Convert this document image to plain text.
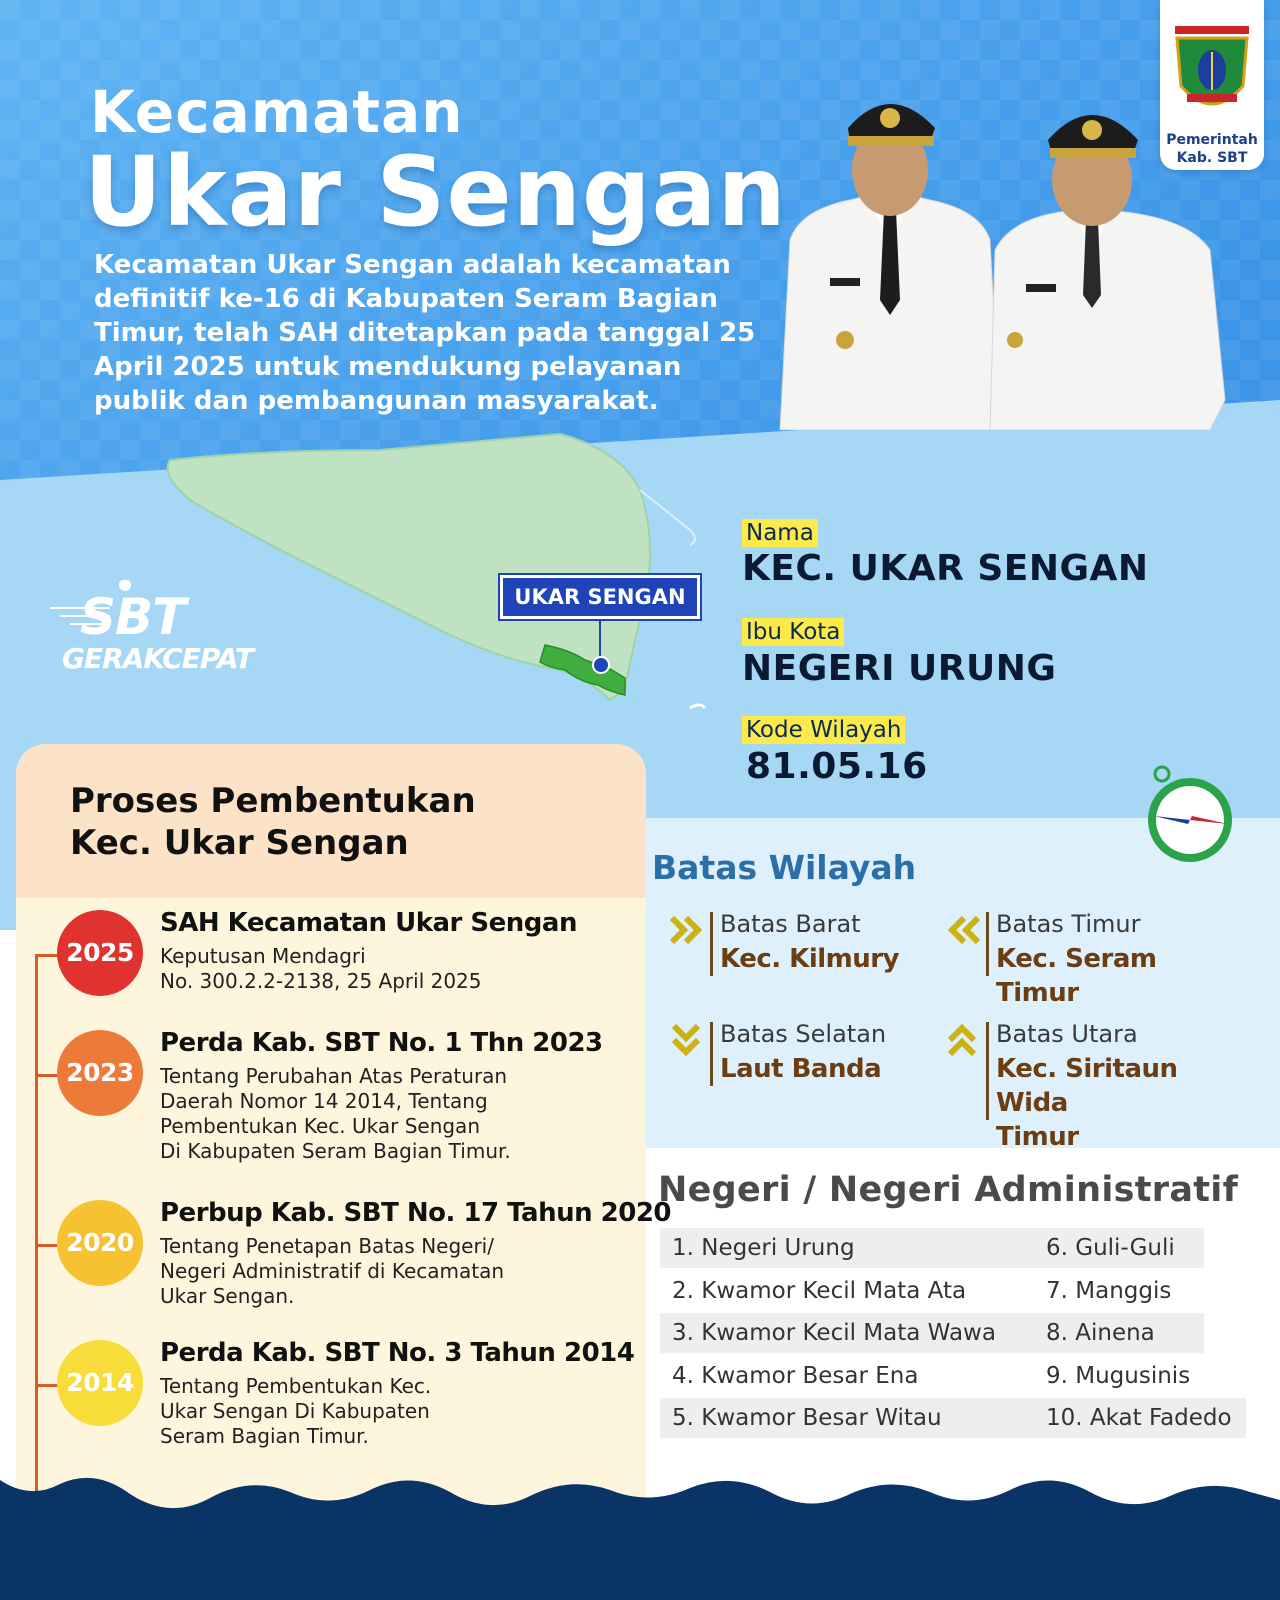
Kecamatan
Ukar Sengan
Kecamatan Ukar Sengan adalah kecamatan definitif ke-16 di Kabupaten Seram Bagian Timur, telah SAH ditetapkan pada tanggal 25 April 2025 untuk mendukung pelayanan publik dan pembangunan masyarakat.
Pemerintah
Kab. SBT
UKAR SENGAN
SBT
GERAKCEPAT
Nama
KEC. UKAR SENGAN
Ibu Kota
NEGERI URUNG
Kode Wilayah
81.05.16
Proses Pembentukan
Kec. Ukar Sengan
2025
SAH Kecamatan Ukar Sengan
Keputusan Mendagri
No. 300.2.2-2138, 25 April 2025
2023
Perda Kab. SBT No. 1 Thn 2023
Tentang Perubahan Atas Peraturan
Daerah Nomor 14 2014, Tentang
Pembentukan Kec. Ukar Sengan
Di Kabupaten Seram Bagian Timur.
2020
Perbup Kab. SBT No. 17 Tahun 2020
Tentang Penetapan Batas Negeri/
Negeri Administratif di Kecamatan
Ukar Sengan.
2014
Perda Kab. SBT No. 3 Tahun 2014
Tentang Pembentukan Kec.
Ukar Sengan Di Kabupaten
Seram Bagian Timur.
Batas Wilayah
Batas Barat
Kec. Kilmury
Batas Timur
Kec. Seram Timur
Batas Selatan
Laut Banda
Batas Utara
Kec. Siritaun Wida
Timur
Negeri / Negeri Administratif
1. Negeri Urung	6. Guli-Guli
2. Kwamor Kecil Mata Ata	7. Manggis
3. Kwamor Kecil Mata Wawa 8. Ainena
4. Kwamor Besar Ena	9. Mugusinis
5. Kwamor Besar Witau	10. Akat Fadedo
